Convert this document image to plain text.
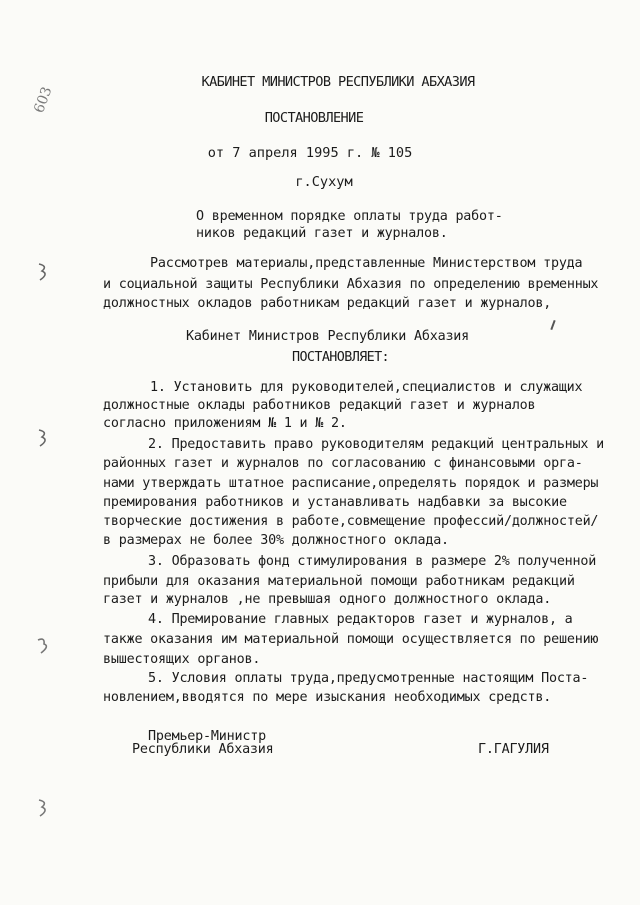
603
КАБИНЕТ МИНИСТРОВ РЕСПУБЛИКИ АБХАЗИЯ
ПОСТАНОВЛЕНИЕ
от 7 апреля 1995 г. № 105
г.Сухум
О временном порядке оплаты труда работ-
ников редакций газет и журналов.
Рассмотрев материалы,представленные Министерством труда
и социальной защиты Республики Абхазия по определению временных
должностных окладов работникам редакций газет и журналов,
Кабинет Министров Республики Абхазия
ПОСТАНОВЛЯЕТ:
1. Установить для руководителей,специалистов и служащих
должностные оклады работников редакций газет и журналов
согласно приложениям № 1 и № 2.
2. Предоставить право руководителям редакций центральных и
районных газет и журналов по согласованию с финансовыми орга-
нами утверждать штатное расписание,определять порядок и размеры
премирования работников и устанавливать надбавки за высокие
творческие достижения в работе,совмещение профессий/должностей/
в размерах не более 30% должностного оклада.
3. Образовать фонд стимулирования в размере 2% полученной
прибыли для оказания материальной помощи работникам редакций
газет и журналов ,не превышая одного должностного оклада.
4. Премирование главных редакторов газет и журналов, а
также оказания им материальной помощи осуществляется по решению
вышестоящих органов.
5. Условия оплаты труда,предусмотренные настоящим Поста-
новлением,вводятся по мере изыскания необходимых средств.
Премьер-Министр
Республики Абхазия	Г.ГАГУЛИЯ
